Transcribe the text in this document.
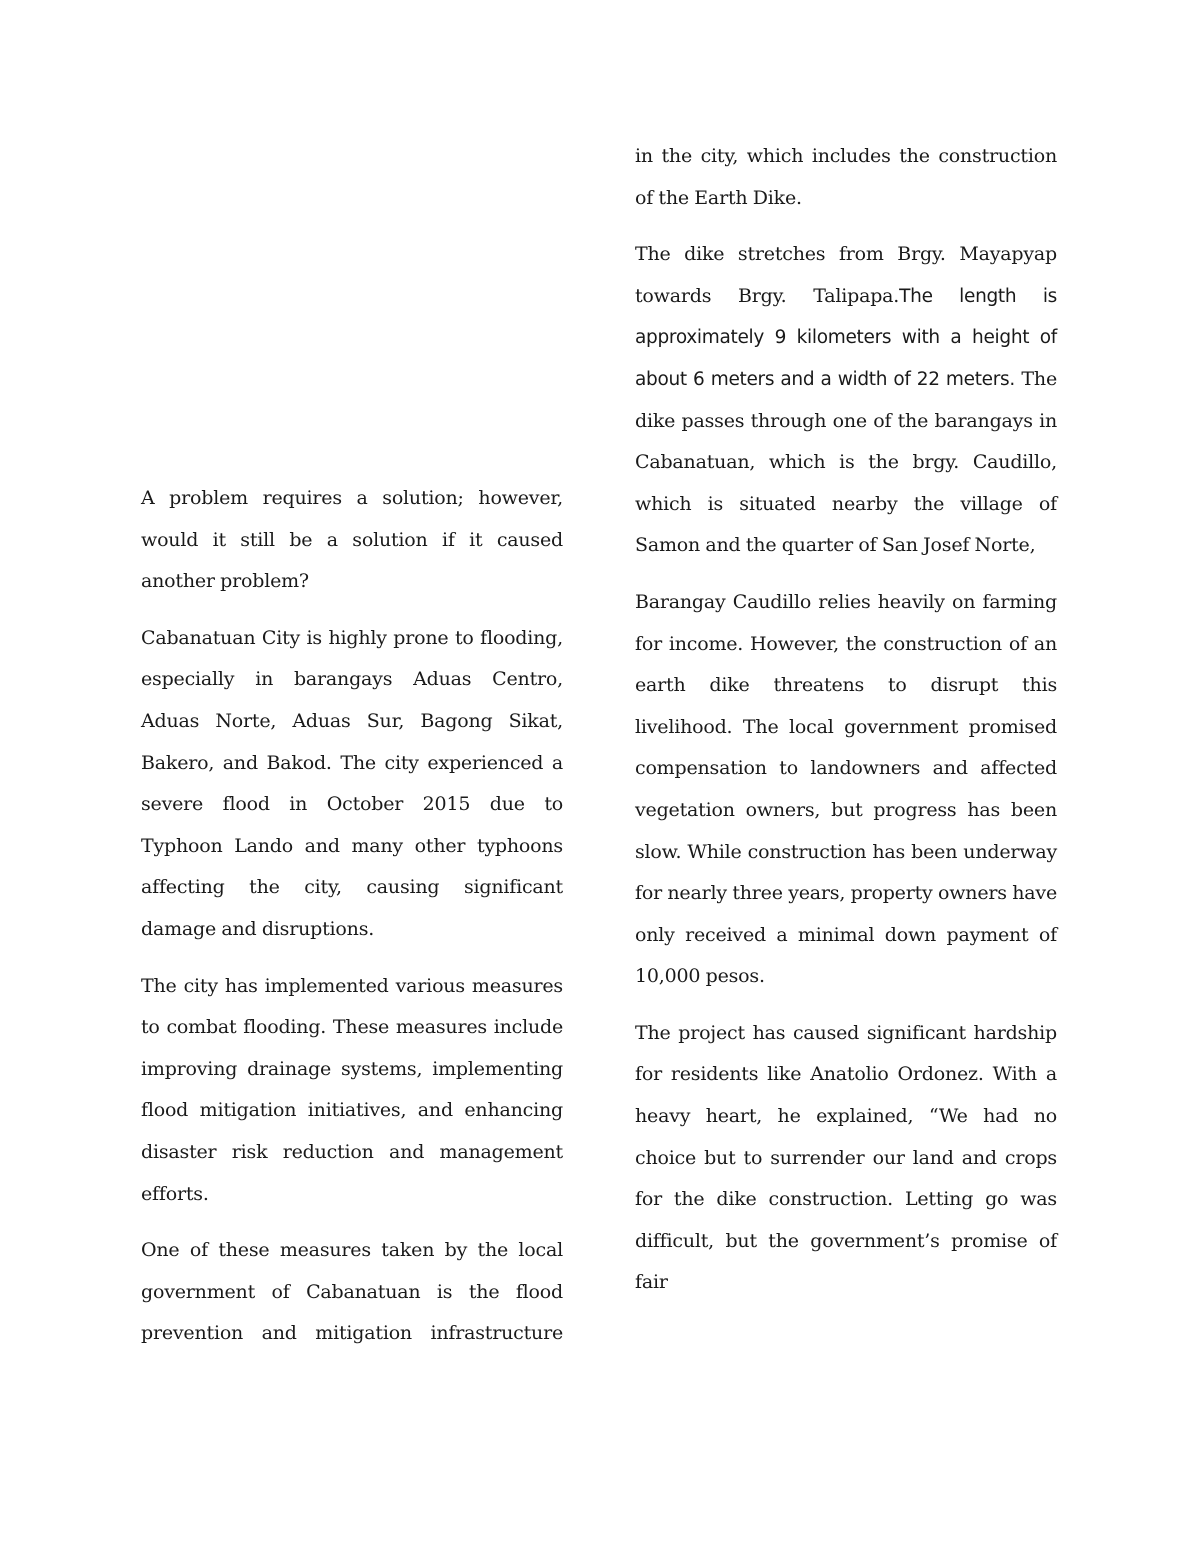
A problem requires a solution; however, would it still be a solution if it caused another problem?

Cabanatuan City is highly prone to flooding, especially in barangays Aduas Centro, Aduas Norte, Aduas Sur, Bagong Sikat, Bakero, and Bakod. The city experienced a severe flood in October 2015 due to Typhoon Lando and many other typhoons affecting the city, causing significant damage and disruptions.

The city has implemented various measures to combat flooding. These measures include improving drainage systems, implementing flood mitigation initiatives, and enhancing disaster risk reduction and management efforts.

One of these measures taken by the local government of Cabanatuan is the flood prevention and mitigation infrastructure

in the city, which includes the construction of the Earth Dike.

The dike stretches from Brgy. Mayapyap towards Brgy. Talipapa.The length is approximately 9 kilometers with a height of about 6 meters and a width of 22 meters. The dike passes through one of the barangays in Cabanatuan, which is the brgy. Caudillo, which is situated nearby the village of Samon and the quarter of San Josef Norte,

Barangay Caudillo relies heavily on farming for income. However, the construction of an earth dike threatens to disrupt this livelihood. The local government promised compensation to landowners and affected vegetation owners, but progress has been slow. While construction has been underway for nearly three years, property owners have only received a minimal down payment of 10,000 pesos.

The project has caused significant hardship for residents like Anatolio Ordonez. With a heavy heart, he explained, “We had no choice but to surrender our land and crops for the dike construction. Letting go was difficult, but the government’s promise of fair
